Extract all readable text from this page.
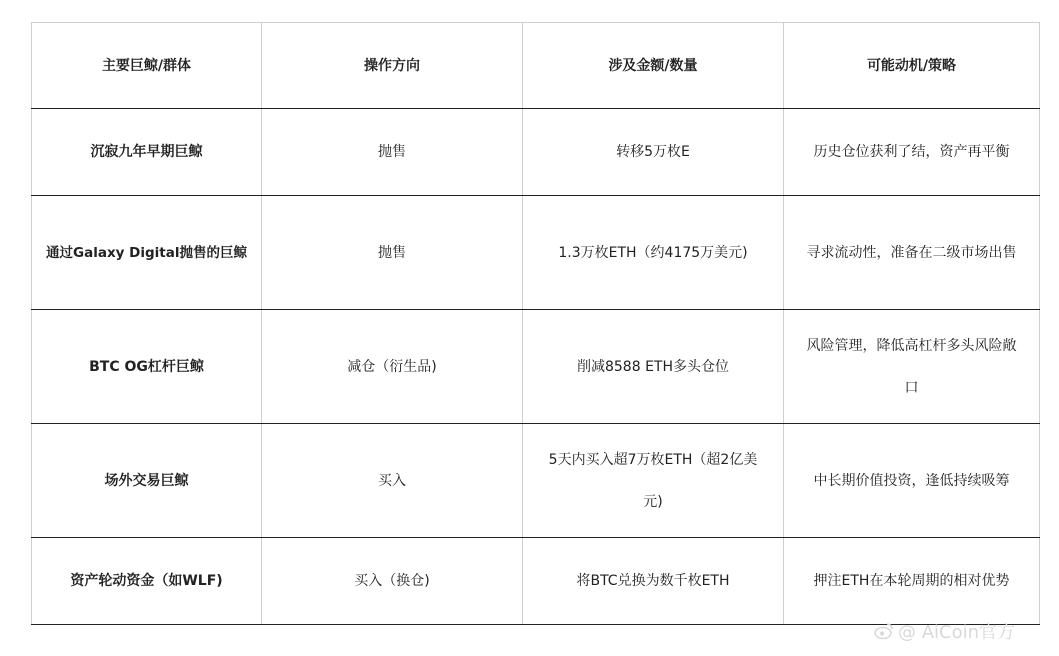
主要巨鲸/群体	操作方向	涉及金额/数量	可能动机/策略
沉寂九年早期巨鲸	抛售	转移5万枚E	历史仓位获利了结，资产再平衡
通过Galaxy Digital抛售的巨鲸	抛售	1.3万枚ETH（约4175万美元)	寻求流动性，准备在二级市场出售
BTC OG杠杆巨鲸	减仓（衍生品)	削减8588 ETH多头仓位	风险管理，降低高杠杆多头风险敞口
场外交易巨鲸	买入	5天内买入超7万枚ETH（超2亿美元)	中长期价值投资，逢低持续吸筹
资产轮动资金（如WLF)	买入（换仓)	将BTC兑换为数千枚ETH	押注ETH在本轮周期的相对优势
@ AiCoin官方
